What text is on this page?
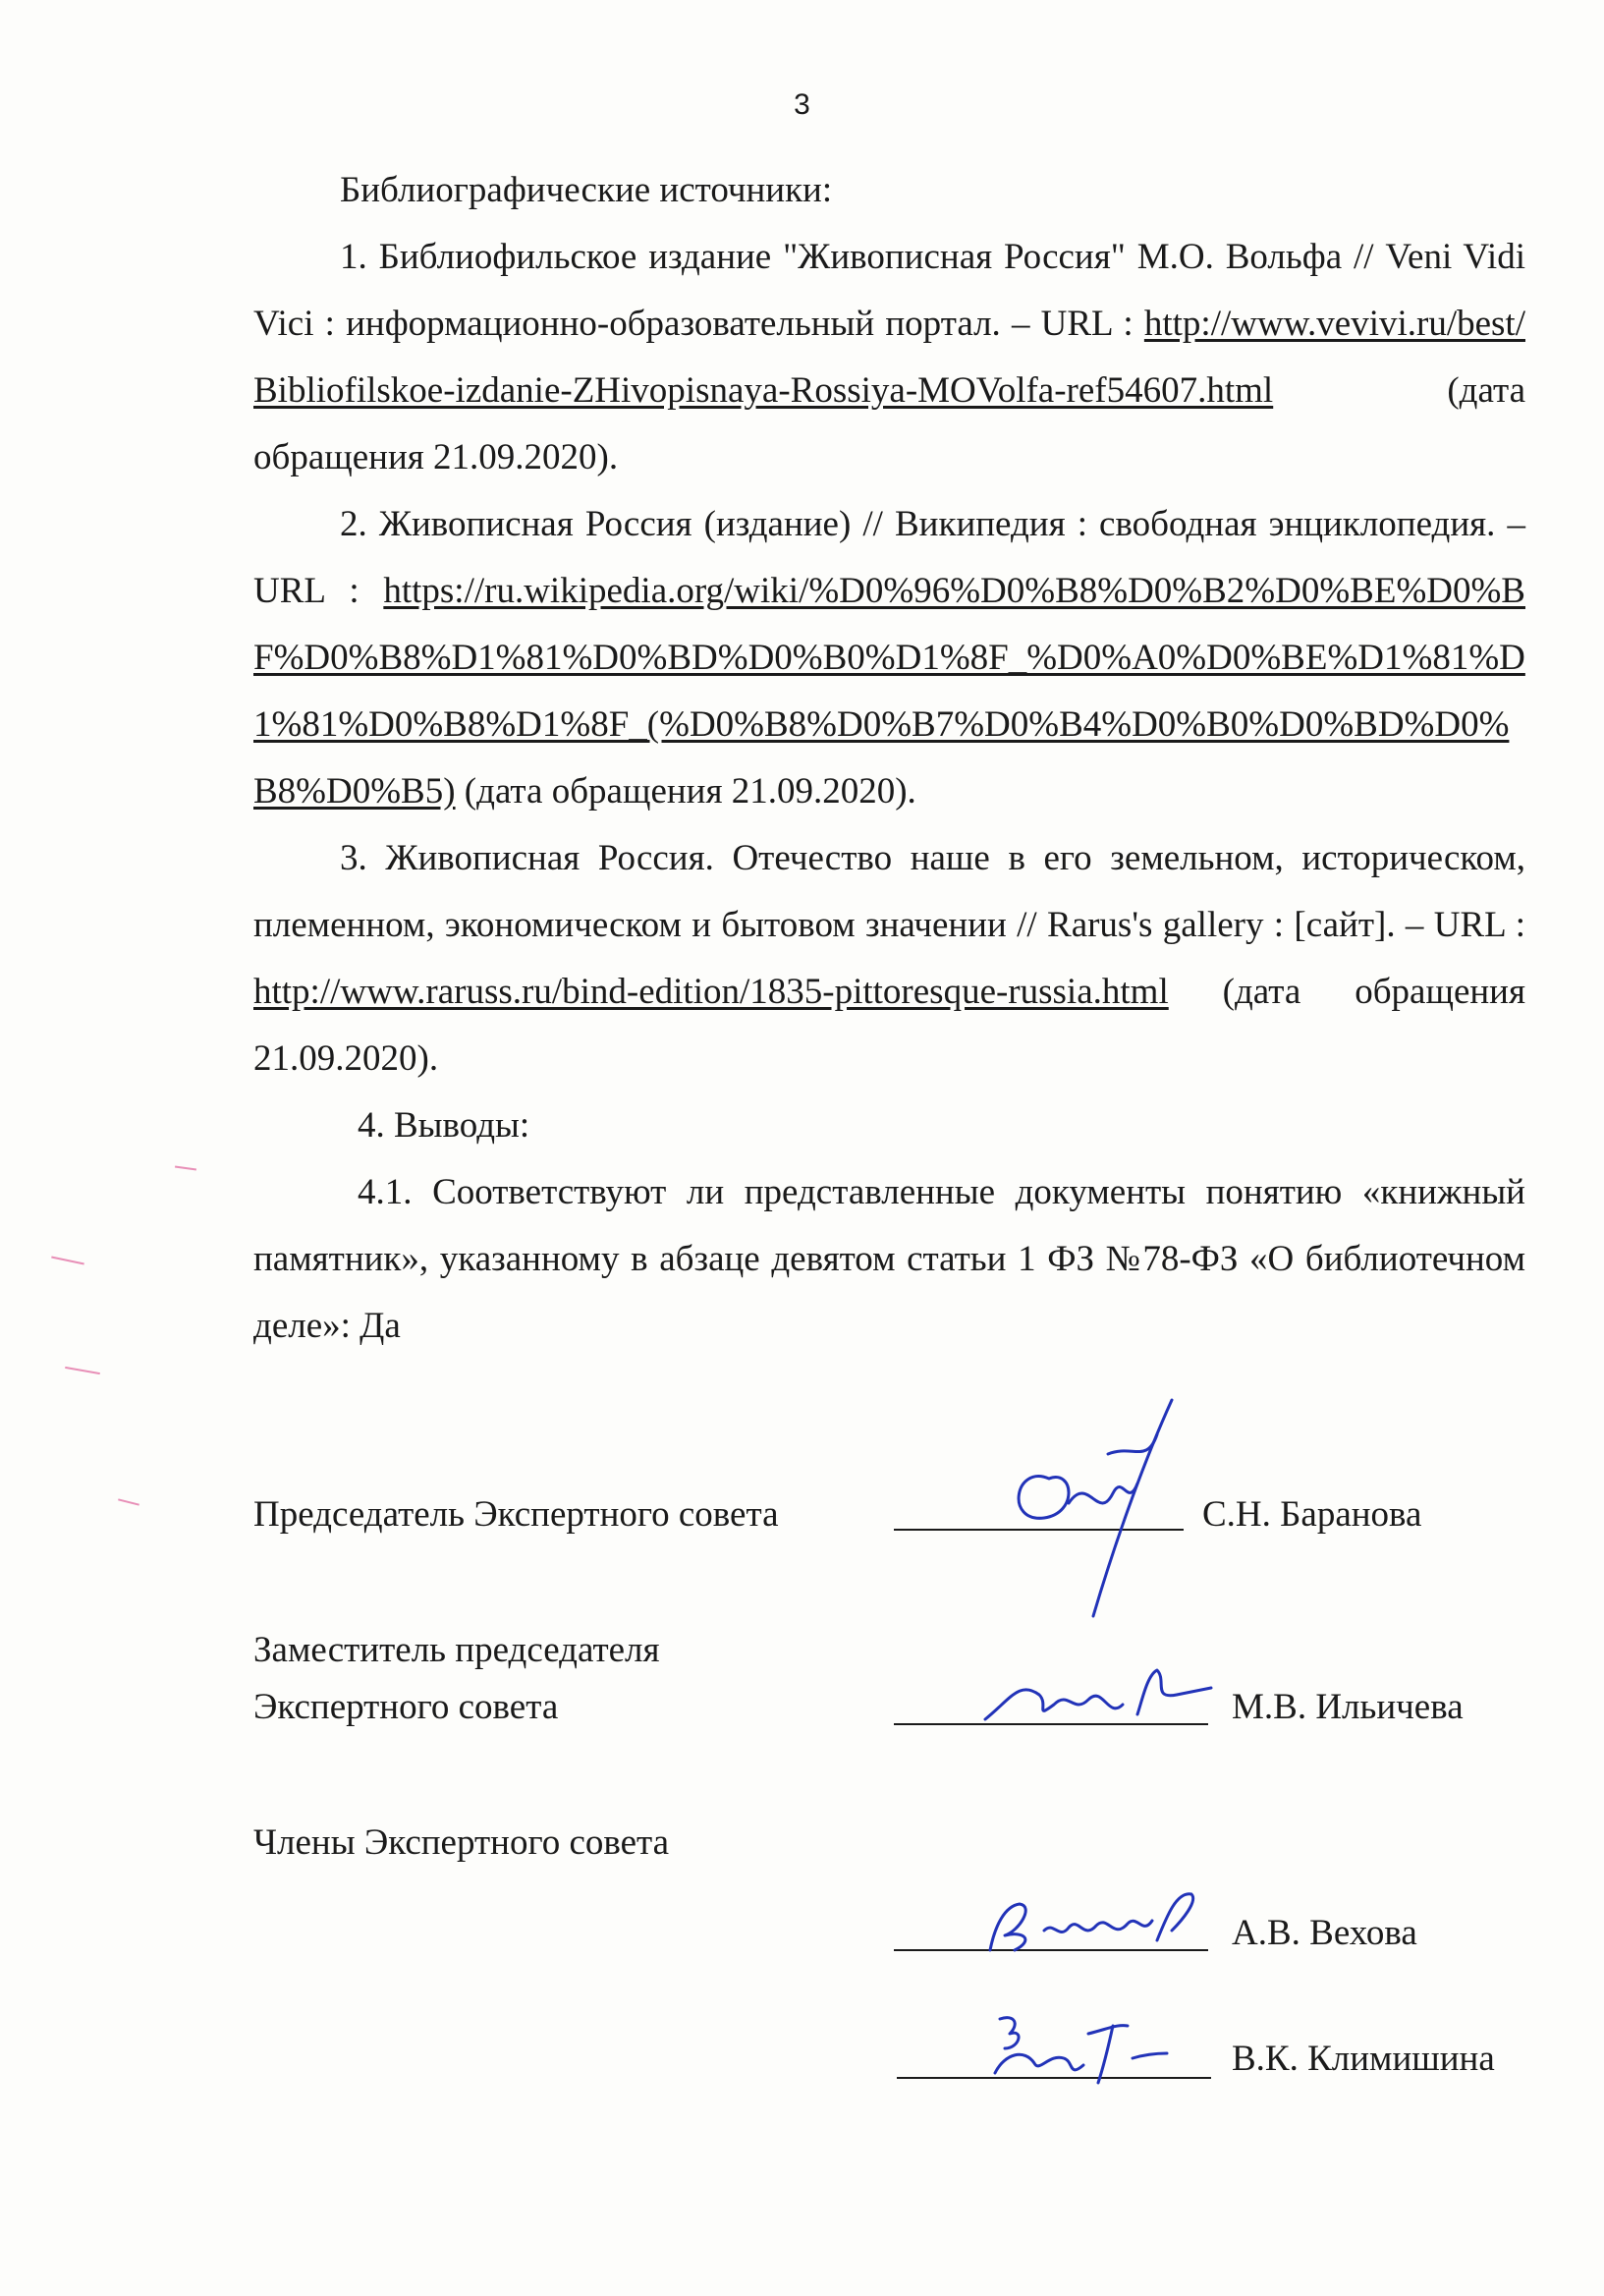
3

Библиографические источники:

1. Библиофильское издание "Живописная Россия" М.О. Вольфа // Veni Vidi Vici : информационно-образовательный портал. – URL : http://www.vevivi.ru/best/Bibliofilskoe-izdanie-ZHivopisnaya-Rossiya-MOVolfa-ref54607.html (дата обращения 21.09.2020).

2. Живописная Россия (издание) // Википедия : свободная энциклопедия. – URL : https://ru.wikipedia.org/wiki/%D0%96%D0%B8%D0%B2%D0%BE%D0%BF%D0%B8%D1%81%D0%BD%D0%B0%D1%8F_%D0%A0%D0%BE%D1%81%D1%81%D0%B8%D1%8F_(%D0%B8%D0%B7%D0%B4%D0%B0%D0%BD%D0%B8%D0%B5) (дата обращения 21.09.2020).

3. Живописная Россия. Отечество наше в его земельном, историческом, племенном, экономическом и бытовом значении // Rarus's gallery : [сайт]. – URL : http://www.raruss.ru/bind-edition/1835-pittoresque-russia.html (дата обращения 21.09.2020).

4. Выводы:

4.1. Соответствуют ли представленные документы понятию «книжный памятник», указанному в абзаце девятом статьи 1 ФЗ №78-ФЗ «О библиотечном деле»: Да

Председатель Экспертного совета	С.Н. Баранова
Заместитель председателя
Экспертного совета	М.В. Ильичева
Члены Экспертного совета
А.В. Вехова
В.К. Климишина
